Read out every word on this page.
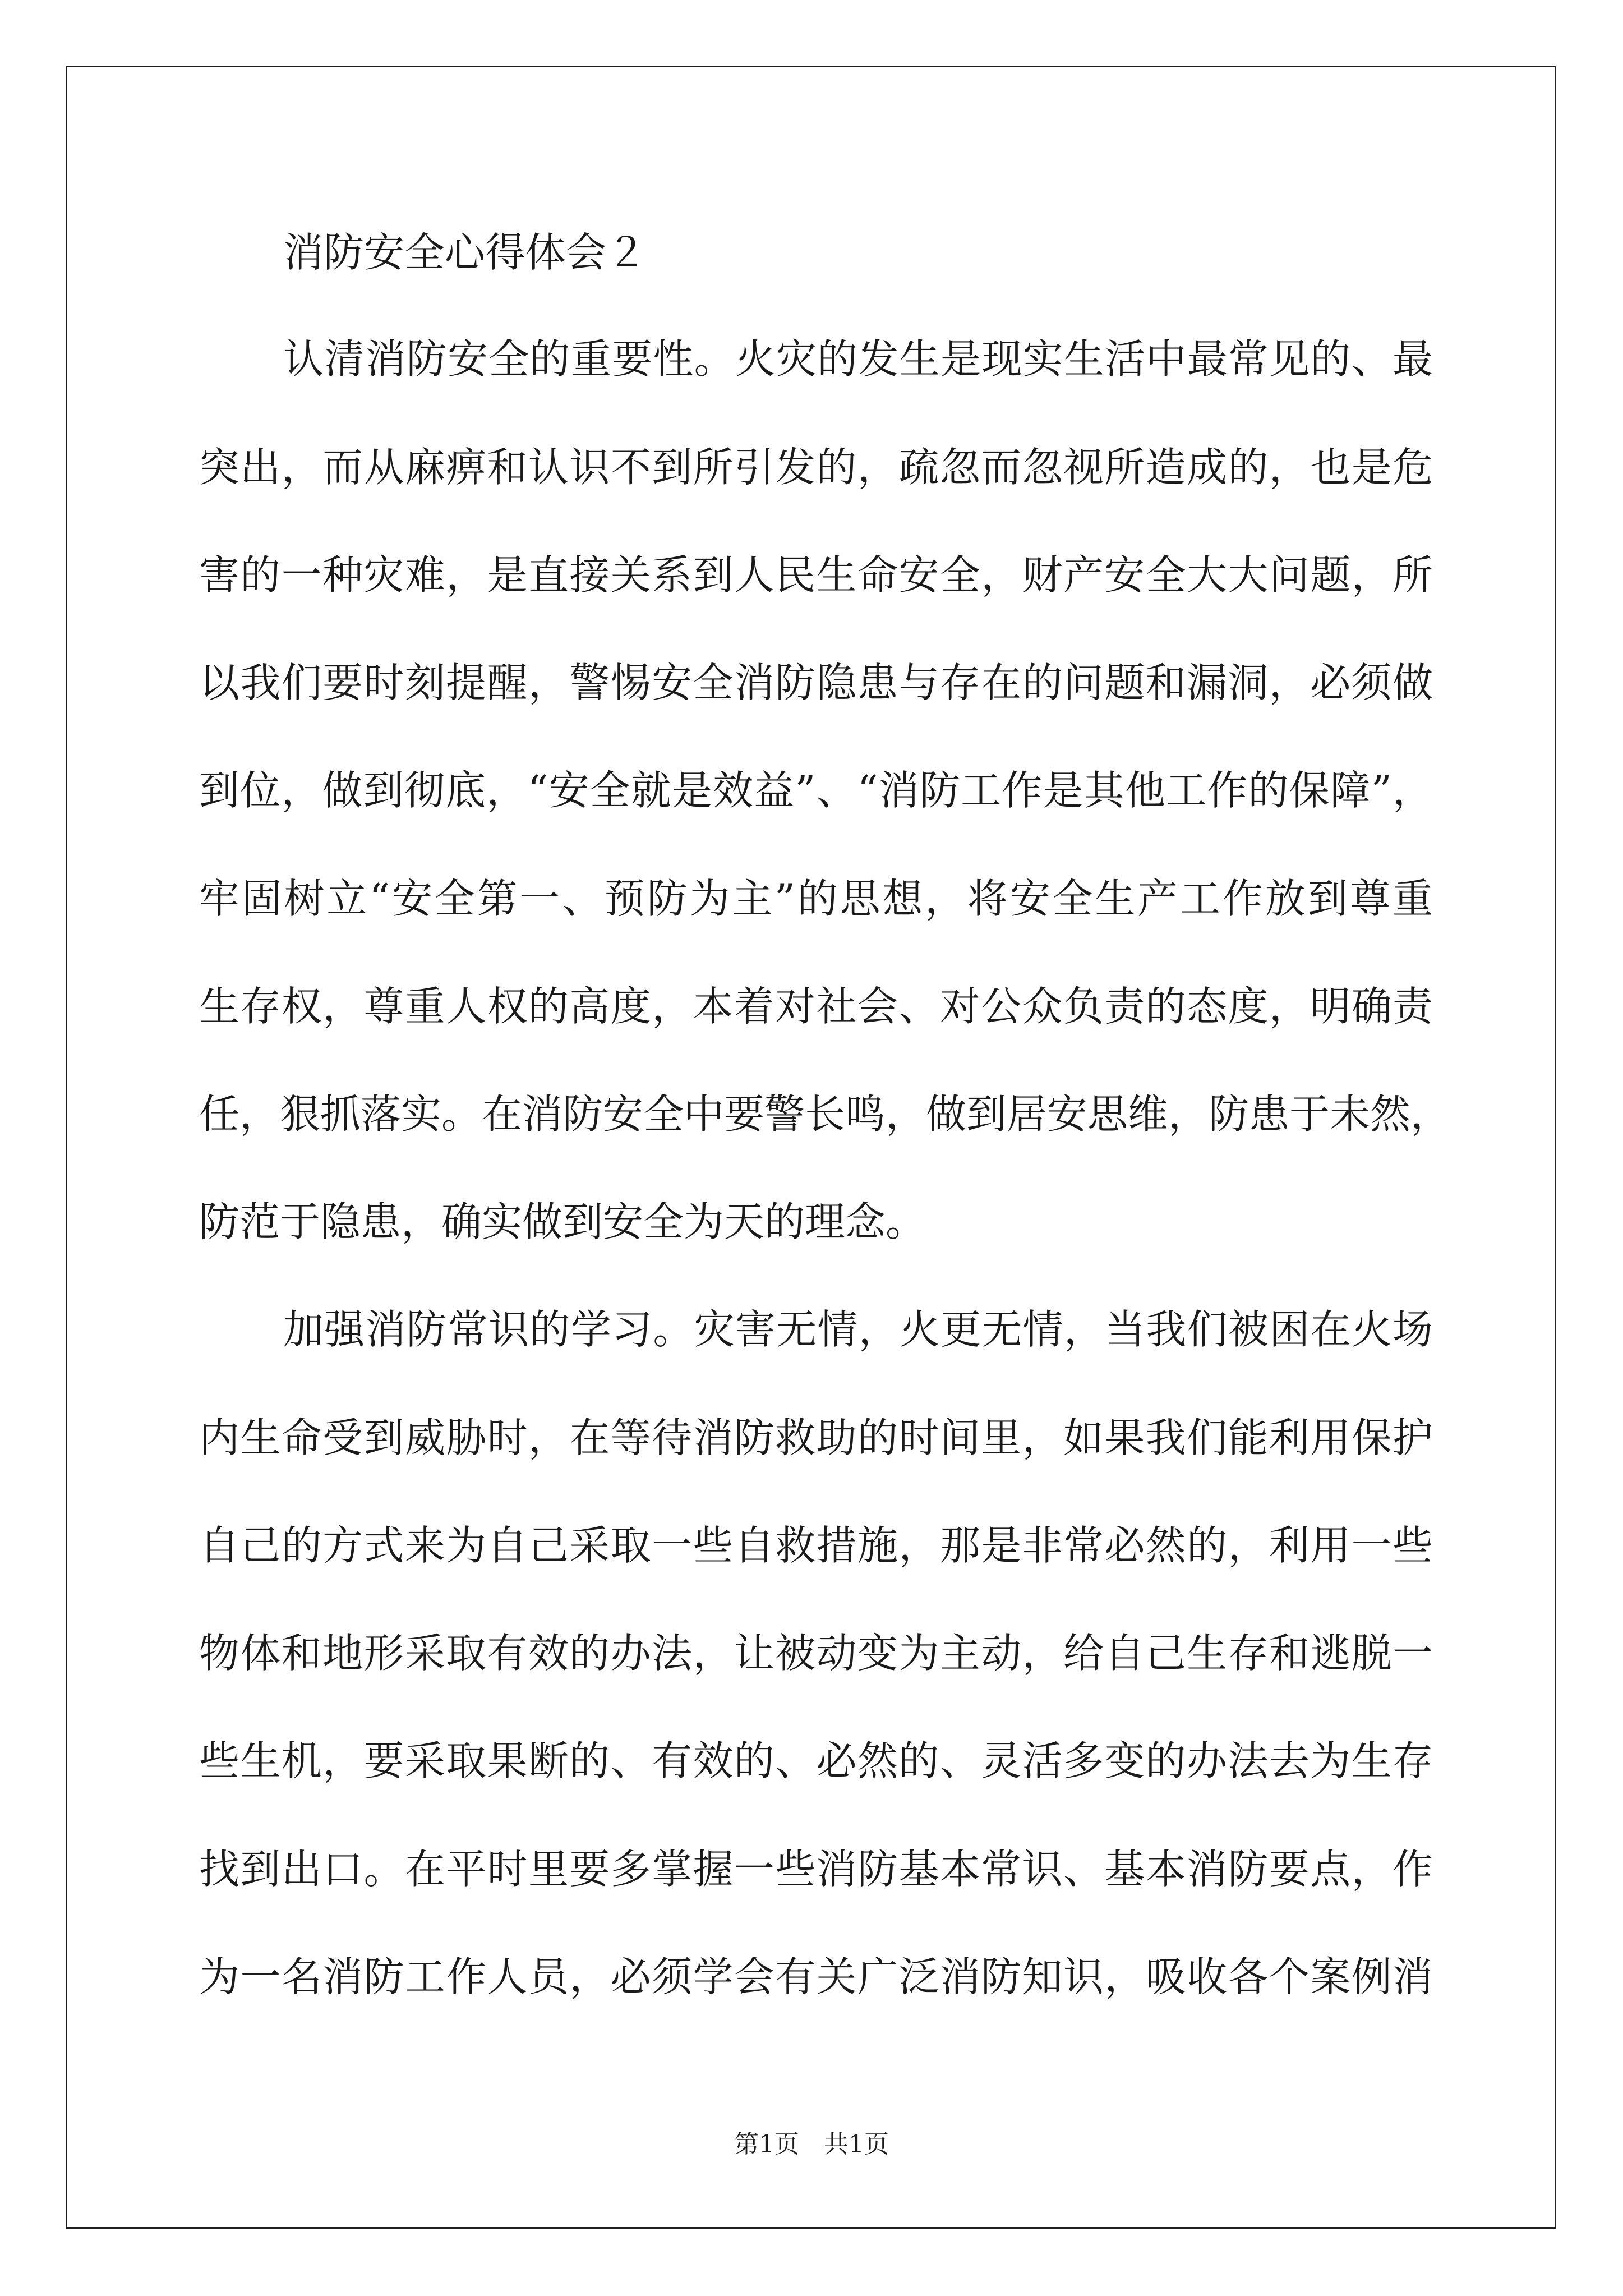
消防安全心得体会２
认清消防安全的重要性。火灾的发生是现实生活中最常见的、最
突出，而从麻痹和认识不到所引发的，疏忽而忽视所造成的，也是危
害的一种灾难，是直接关系到人民生命安全，财产安全大大问题，所
以我们要时刻提醒，警惕安全消防隐患与存在的问题和漏洞，必须做
到位，做到彻底，“安全就是效益”、“消防工作是其他工作的保障”，
牢固树立“安全第一、预防为主”的思想，将安全生产工作放到尊重
生存权，尊重人权的高度，本着对社会、对公众负责的态度，明确责
任，狠抓落实。在消防安全中要警长鸣，做到居安思维，防患于未然，
防范于隐患，确实做到安全为天的理念。
加强消防常识的学习。灾害无情，火更无情，当我们被困在火场
内生命受到威胁时，在等待消防救助的时间里，如果我们能利用保护
自己的方式来为自己采取一些自救措施，那是非常必然的，利用一些
物体和地形采取有效的办法，让被动变为主动，给自己生存和逃脱一
些生机，要采取果断的、有效的、必然的、灵活多变的办法去为生存
找到出口。在平时里要多掌握一些消防基本常识、基本消防要点，作
为一名消防工作人员，必须学会有关广泛消防知识，吸收各个案例消
第1页　共1页
